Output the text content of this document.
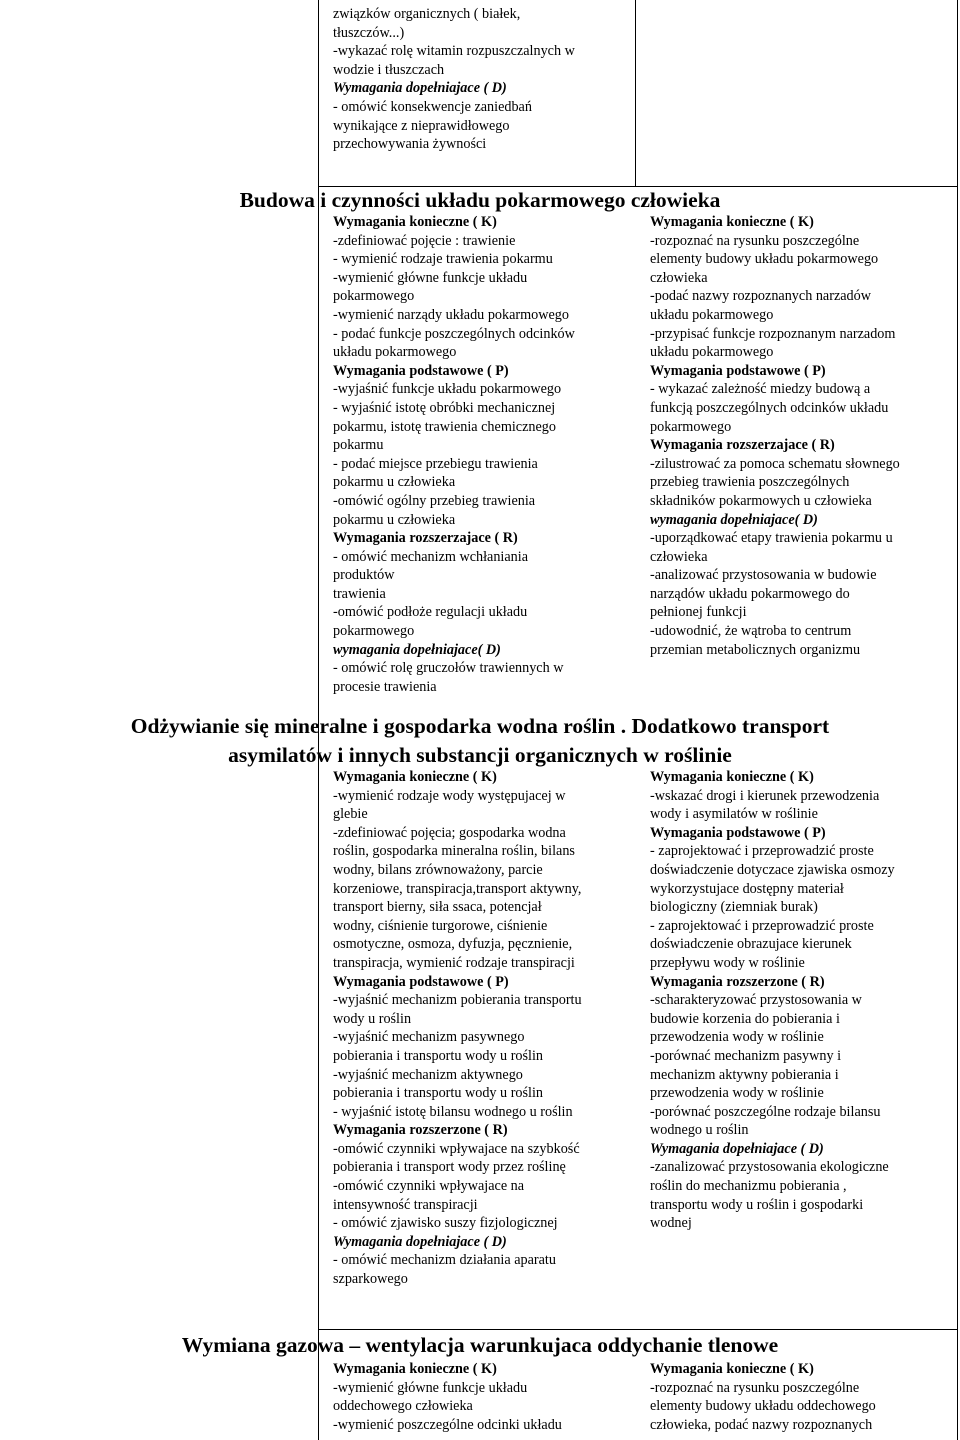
związków organicznych ( białek,
tłuszczów...)
-wykazać rolę witamin rozpuszczalnych w
wodzie i tłuszczach
Wymagania dopełniajace ( D)
- omówić konsekwencje zaniedbań
wynikające z nieprawidłowego
przechowywania żywności
Budowa i czynności układu pokarmowego człowieka
Wymagania konieczne ( K)
-zdefiniować pojęcie : trawienie
- wymienić rodzaje trawienia pokarmu
-wymienić główne funkcje układu
pokarmowego
-wymienić narządy układu pokarmowego
- podać funkcje poszczególnych odcinków
układu pokarmowego
Wymagania podstawowe ( P)
-wyjaśnić funkcje układu pokarmowego
- wyjaśnić istotę obróbki mechanicznej
pokarmu, istotę trawienia chemicznego
pokarmu
- podać miejsce przebiegu trawienia
pokarmu u człowieka
-omówić ogólny przebieg trawienia
pokarmu u człowieka
Wymagania rozszerzajace ( R)
- omówić mechanizm wchłaniania
produktów
trawienia
-omówić podłoże regulacji układu
pokarmowego
wymagania dopełniajace( D)
- omówić rolę gruczołów trawiennych w
procesie trawienia
Wymagania konieczne ( K)
-rozpoznać na rysunku poszczególne
elementy budowy układu pokarmowego
człowieka
-podać nazwy rozpoznanych narzadów
układu pokarmowego
-przypisać funkcje rozpoznanym narzadom
układu pokarmowego
Wymagania podstawowe ( P)
- wykazać zależność miedzy budową a
funkcją poszczególnych odcinków układu
pokarmowego
Wymagania rozszerzajace ( R)
-zilustrować za pomoca schematu słownego
przebieg trawienia poszczególnych
składników pokarmowych u człowieka
wymagania dopełniajace( D)
-uporządkować etapy trawienia pokarmu u
człowieka
-analizować przystosowania w budowie
narządów układu pokarmowego do
pełnionej funkcji
-udowodnić, że wątroba to centrum
przemian metabolicznych organizmu
Odżywianie się mineralne i gospodarka wodna roślin . Dodatkowo transport
asymilatów i innych substancji organicznych w roślinie
Wymagania konieczne ( K)
-wymienić rodzaje wody występujacej w
glebie
-zdefiniować pojęcia; gospodarka wodna
roślin, gospodarka mineralna roślin, bilans
wodny, bilans zrównoważony, parcie
korzeniowe, transpiracja,transport aktywny,
transport bierny, siła ssaca, potencjał
wodny, ciśnienie turgorowe, ciśnienie
osmotyczne, osmoza, dyfuzja, pęcznienie,
transpiracja, wymienić rodzaje transpiracji
Wymagania podstawowe ( P)
-wyjaśnić mechanizm pobierania transportu
wody u roślin
-wyjaśnić mechanizm pasywnego
pobierania i transportu wody u roślin
-wyjaśnić mechanizm aktywnego
pobierania i transportu wody u roślin
- wyjaśnić istotę bilansu wodnego u roślin
Wymagania rozszerzone ( R)
-omówić czynniki wpływajace na szybkość
pobierania i transport wody przez roślinę
-omówić czynniki wpływajace na
intensywność transpiracji
- omówić zjawisko suszy fizjologicznej
Wymagania dopełniajace ( D)
- omówić mechanizm działania aparatu
szparkowego
Wymagania konieczne ( K)
-wskazać drogi i kierunek przewodzenia
wody i asymilatów w roślinie
Wymagania podstawowe ( P)
- zaprojektować i przeprowadzić proste
doświadczenie dotyczace zjawiska osmozy
wykorzystujace dostępny materiał
biologiczny (ziemniak burak)
- zaprojektować i przeprowadzić proste
doświadczenie obrazujace kierunek
przepływu wody w roślinie
Wymagania rozszerzone ( R)
-scharakteryzować przystosowania w
budowie korzenia do pobierania i
przewodzenia wody w roślinie
-porównać mechanizm pasywny i
mechanizm aktywny pobierania i
przewodzenia wody w roślinie
-porównać poszczególne rodzaje bilansu
wodnego u roślin
Wymagania dopełniajace ( D)
-zanalizować przystosowania ekologiczne
roślin do mechanizmu pobierania ,
transportu wody u roślin i gospodarki
wodnej
Wymiana gazowa – wentylacja warunkujaca oddychanie tlenowe
Wymagania konieczne ( K)
-wymienić główne funkcje układu
oddechowego człowieka
-wymienić poszczególne odcinki układu
Wymagania konieczne ( K)
-rozpoznać na rysunku poszczególne
elementy budowy układu oddechowego
człowieka, podać nazwy rozpoznanych
